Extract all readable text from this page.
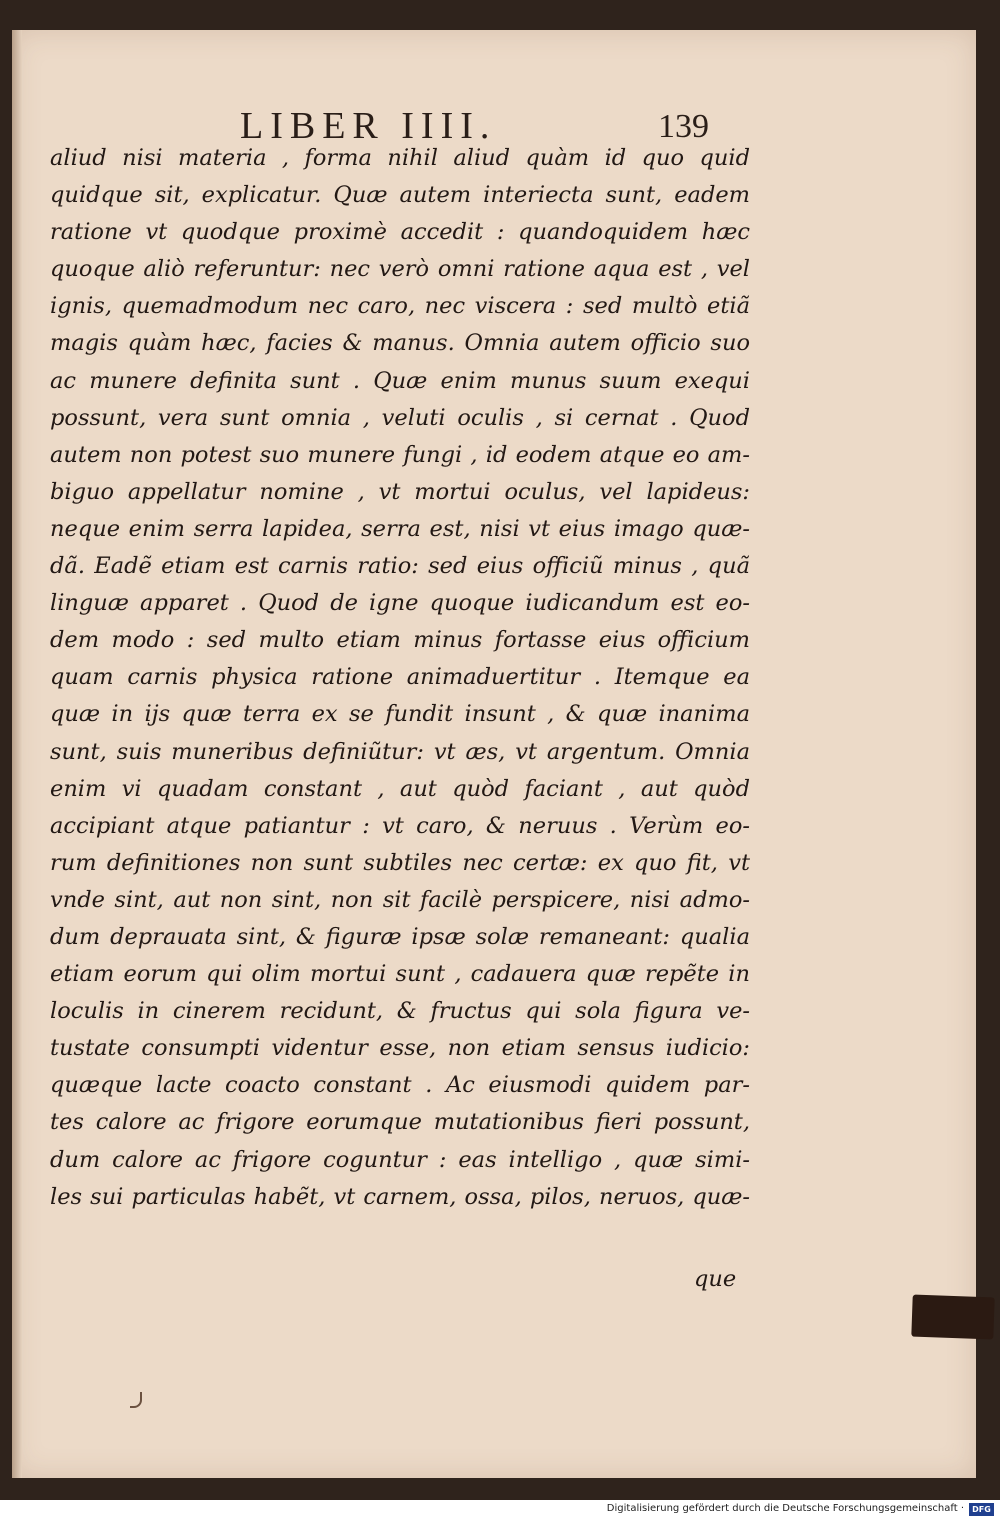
LIBER IIII.	139
aliud nisi materia , forma nihil aliud quàm id quo quid
quidque sit, explicatur. Quæ autem interiecta sunt, eadem
ratione vt quodque proximè accedit : quandoquidem hæc
quoque aliò referuntur: nec verò omni ratione aqua est , vel
ignis, quemadmodum nec caro, nec viscera : sed multò etiã
magis quàm hæc, facies & manus. Omnia autem officio suo
ac munere definita sunt . Quæ enim munus suum exequi
possunt, vera sunt omnia , veluti oculis , si cernat . Quod
autem non potest suo munere fungi , id eodem atque eo am-
biguo appellatur nomine , vt mortui oculus, vel lapideus:
neque enim serra lapidea, serra est, nisi vt eius imago quæ-
dã. Eadẽ etiam est carnis ratio: sed eius officiũ minus , quã
linguæ apparet . Quod de igne quoque iudicandum est eo-
dem modo : sed multo etiam minus fortasse eius officium
quam carnis physica ratione animaduertitur . Itemque ea
quæ in ijs quæ terra ex se fundit insunt , & quæ inanima
sunt, suis muneribus definiũtur: vt æs, vt argentum. Omnia
enim vi quadam constant , aut quòd faciant , aut quòd
accipiant atque patiantur : vt caro, & neruus . Verùm eo-
rum definitiones non sunt subtiles nec certæ: ex quo fit, vt
vnde sint, aut non sint, non sit facilè perspicere, nisi admo-
dum deprauata sint, & figuræ ipsæ solæ remaneant: qualia
etiam eorum qui olim mortui sunt , cadauera quæ repẽte in
loculis in cinerem recidunt, & fructus qui sola figura ve-
tustate consumpti videntur esse, non etiam sensus iudicio:
quæque lacte coacto constant . Ac eiusmodi quidem par-
tes calore ac frigore eorumque mutationibus fieri possunt,
dum calore ac frigore coguntur : eas intelligo , quæ simi-
les sui particulas habẽt, vt carnem, ossa, pilos, neruos, quæ-
que
Digitalisierung gefördert durch die Deutsche Forschungsgemeinschaft ·	DFG
